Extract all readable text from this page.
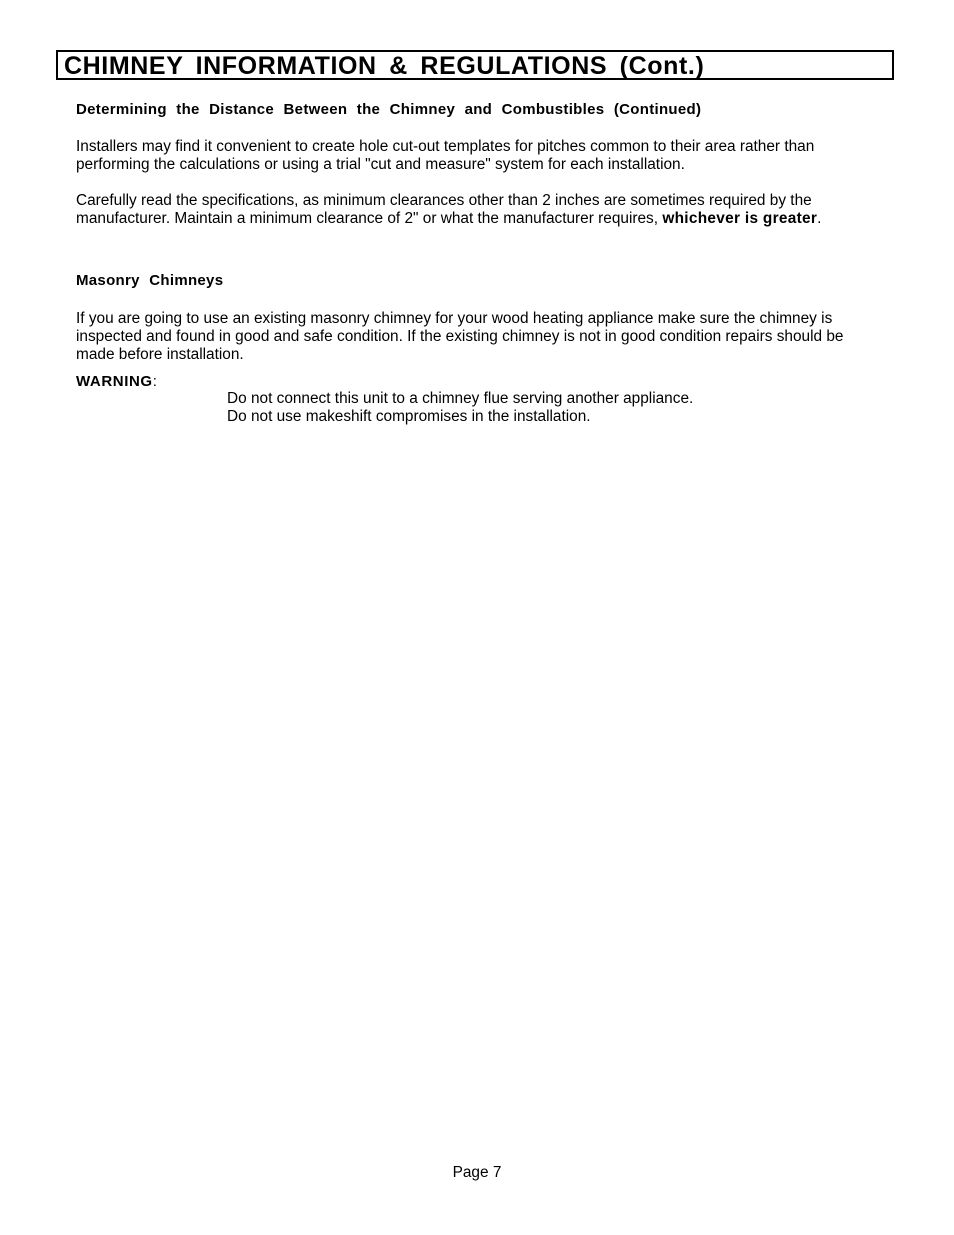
CHIMNEY INFORMATION & REGULATIONS (Cont.)
Determining the Distance Between the Chimney and Combustibles (Continued)
Installers may find it convenient to create hole cut-out templates for pitches common to their area rather than performing the calculations or using a trial "cut and measure" system for each installation.
Carefully read the specifications, as minimum clearances other than 2 inches are sometimes required by the manufacturer. Maintain a minimum clearance of 2" or what the manufacturer requires, whichever is greater.
Masonry Chimneys
If you are going to use an existing masonry chimney for your wood heating appliance make sure the chimney is inspected and found in good and safe condition. If the existing chimney is not in good condition repairs should be made before installation.
WARNING:
Do not connect this unit to a chimney flue serving another appliance.
Do not use makeshift compromises in the installation.
Page 7
